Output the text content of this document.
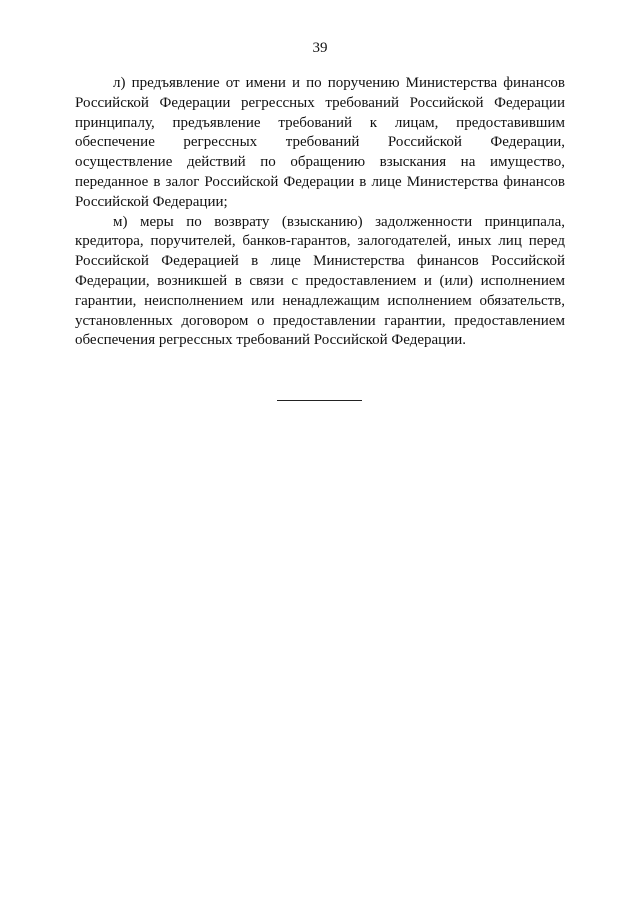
39

л) предъявление от имени и по поручению Министерства финансов Российской Федерации регрессных требований Российской Федерации принципалу, предъявление требований к лицам, предоставившим обеспечение регрессных требований Российской Федерации, осуществление действий по обращению взыскания на имущество, переданное в залог Российской Федерации в лице Министерства финансов Российской Федерации;

м) меры по возврату (взысканию) задолженности принципала, кредитора, поручителей, банков-гарантов, залогодателей, иных лиц перед Российской Федерацией в лице Министерства финансов Российской Федерации, возникшей в связи с предоставлением и (или) исполнением гарантии, неисполнением или ненадлежащим исполнением обязательств, установленных договором о предоставлении гарантии, предоставлением обеспечения регрессных требований Российской Федерации.
